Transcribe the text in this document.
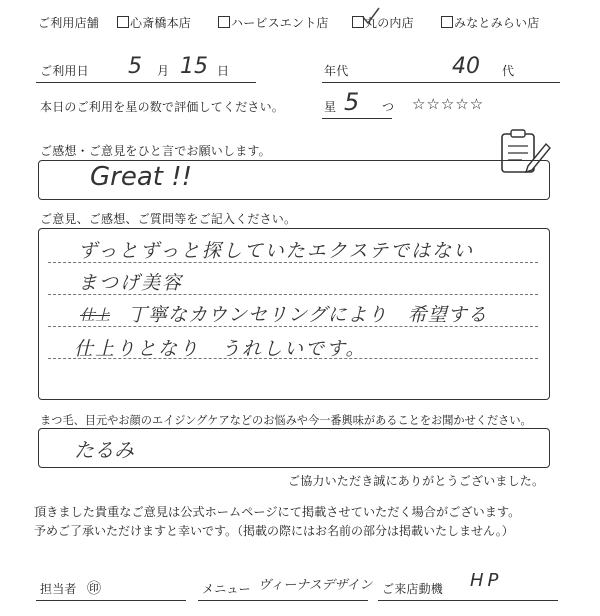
ご利用店舗	心斎橋本店	ハービスエント店	丸の内店	みなとみらい店
ご利用日 5 月 15 日	年代	40 代
本日のご利用を星の数で評価してください。	星 5 つ ☆☆☆☆☆
ご感想・ご意見をひと言でお願いします。
Great !!
ご意見、ご感想、ご質問等をご記入ください。
ずっとずっと探していたエクステではない
まつげ美容
仕上 丁寧なカウンセリングにより　希望する
仕上りとなり　うれしいです。
まつ毛、目元やお顔のエイジングケアなどのお悩みや今一番興味があることをお聞かせください。
たるみ
ご協力いただき誠にありがとうございました。
頂きました貴重なご意見は公式ホームページにて掲載させていただく場合がございます。
予めご了承いただけますと幸いです。（掲載の際にはお名前の部分は掲載いたしません。）
担当者 ㊞	メニュー ヴィーナスデザイン ご来店動機 HP
